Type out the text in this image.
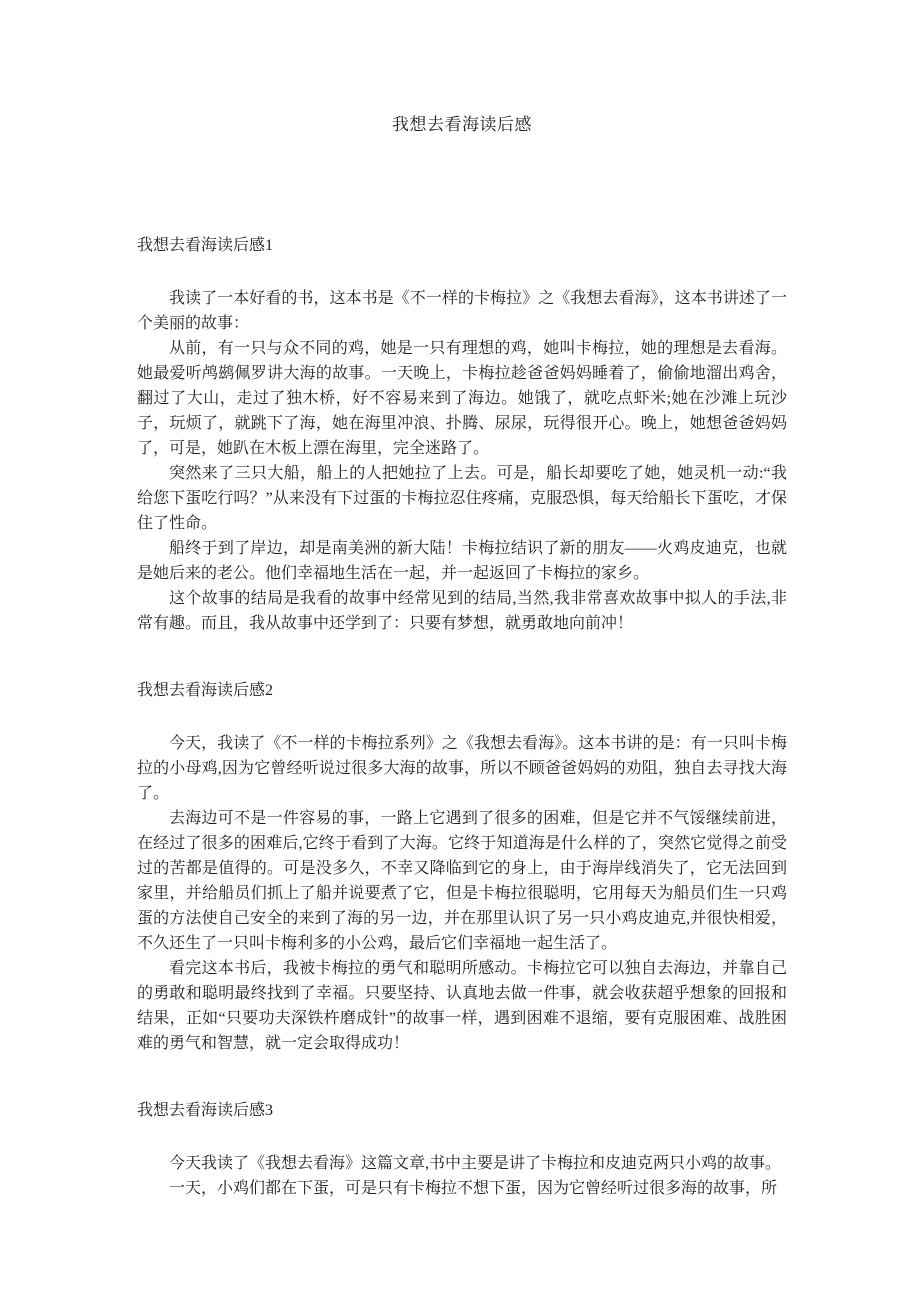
我想去看海读后感
我想去看海读后感1

我读了一本好看的书，这本书是《不一样的卡梅拉》之《我想去看海》，这本书讲述了一个美丽的故事：

从前，有一只与众不同的鸡，她是一只有理想的鸡，她叫卡梅拉，她的理想是去看海。她最爱听鸬鹚佩罗讲大海的故事。一天晚上，卡梅拉趁爸爸妈妈睡着了，偷偷地溜出鸡舍，翻过了大山，走过了独木桥，好不容易来到了海边。她饿了，就吃点虾米;她在沙滩上玩沙子，玩烦了，就跳下了海，她在海里冲浪、扑腾、尿尿，玩得很开心。晚上，她想爸爸妈妈了，可是，她趴在木板上漂在海里，完全迷路了。

突然来了三只大船，船上的人把她拉了上去。可是，船长却要吃了她，她灵机一动:“我给您下蛋吃行吗？”从来没有下过蛋的卡梅拉忍住疼痛，克服恐惧，每天给船长下蛋吃，才保住了性命。

船终于到了岸边，却是南美洲的新大陆！卡梅拉结识了新的朋友——火鸡皮迪克，也就是她后来的老公。他们幸福地生活在一起，并一起返回了卡梅拉的家乡。

这个故事的结局是我看的故事中经常见到的结局,当然,我非常喜欢故事中拟人的手法,非常有趣。而且，我从故事中还学到了：只要有梦想，就勇敢地向前冲！

我想去看海读后感2

今天，我读了《不一样的卡梅拉系列》之《我想去看海》。这本书讲的是：有一只叫卡梅拉的小母鸡,因为它曾经听说过很多大海的故事，所以不顾爸爸妈妈的劝阻，独自去寻找大海了。

去海边可不是一件容易的事，一路上它遇到了很多的困难，但是它并不气馁继续前进，在经过了很多的困难后,它终于看到了大海。它终于知道海是什么样的了，突然它觉得之前受过的苦都是值得的。可是没多久，不幸又降临到它的身上，由于海岸线消失了，它无法回到家里，并给船员们抓上了船并说要煮了它，但是卡梅拉很聪明，它用每天为船员们生一只鸡蛋的方法使自己安全的来到了海的另一边，并在那里认识了另一只小鸡皮迪克,并很快相爱，不久还生了一只叫卡梅利多的小公鸡，最后它们幸福地一起生活了。

看完这本书后，我被卡梅拉的勇气和聪明所感动。卡梅拉它可以独自去海边，并靠自己的勇敢和聪明最终找到了幸福。只要坚持、认真地去做一件事，就会收获超乎想象的回报和结果，正如“只要功夫深铁杵磨成针”的故事一样，遇到困难不退缩，要有克服困难、战胜困难的勇气和智慧，就一定会取得成功！

我想去看海读后感3

今天我读了《我想去看海》这篇文章,书中主要是讲了卡梅拉和皮迪克两只小鸡的故事。

一天，小鸡们都在下蛋，可是只有卡梅拉不想下蛋，因为它曾经听过很多海的故事，所
